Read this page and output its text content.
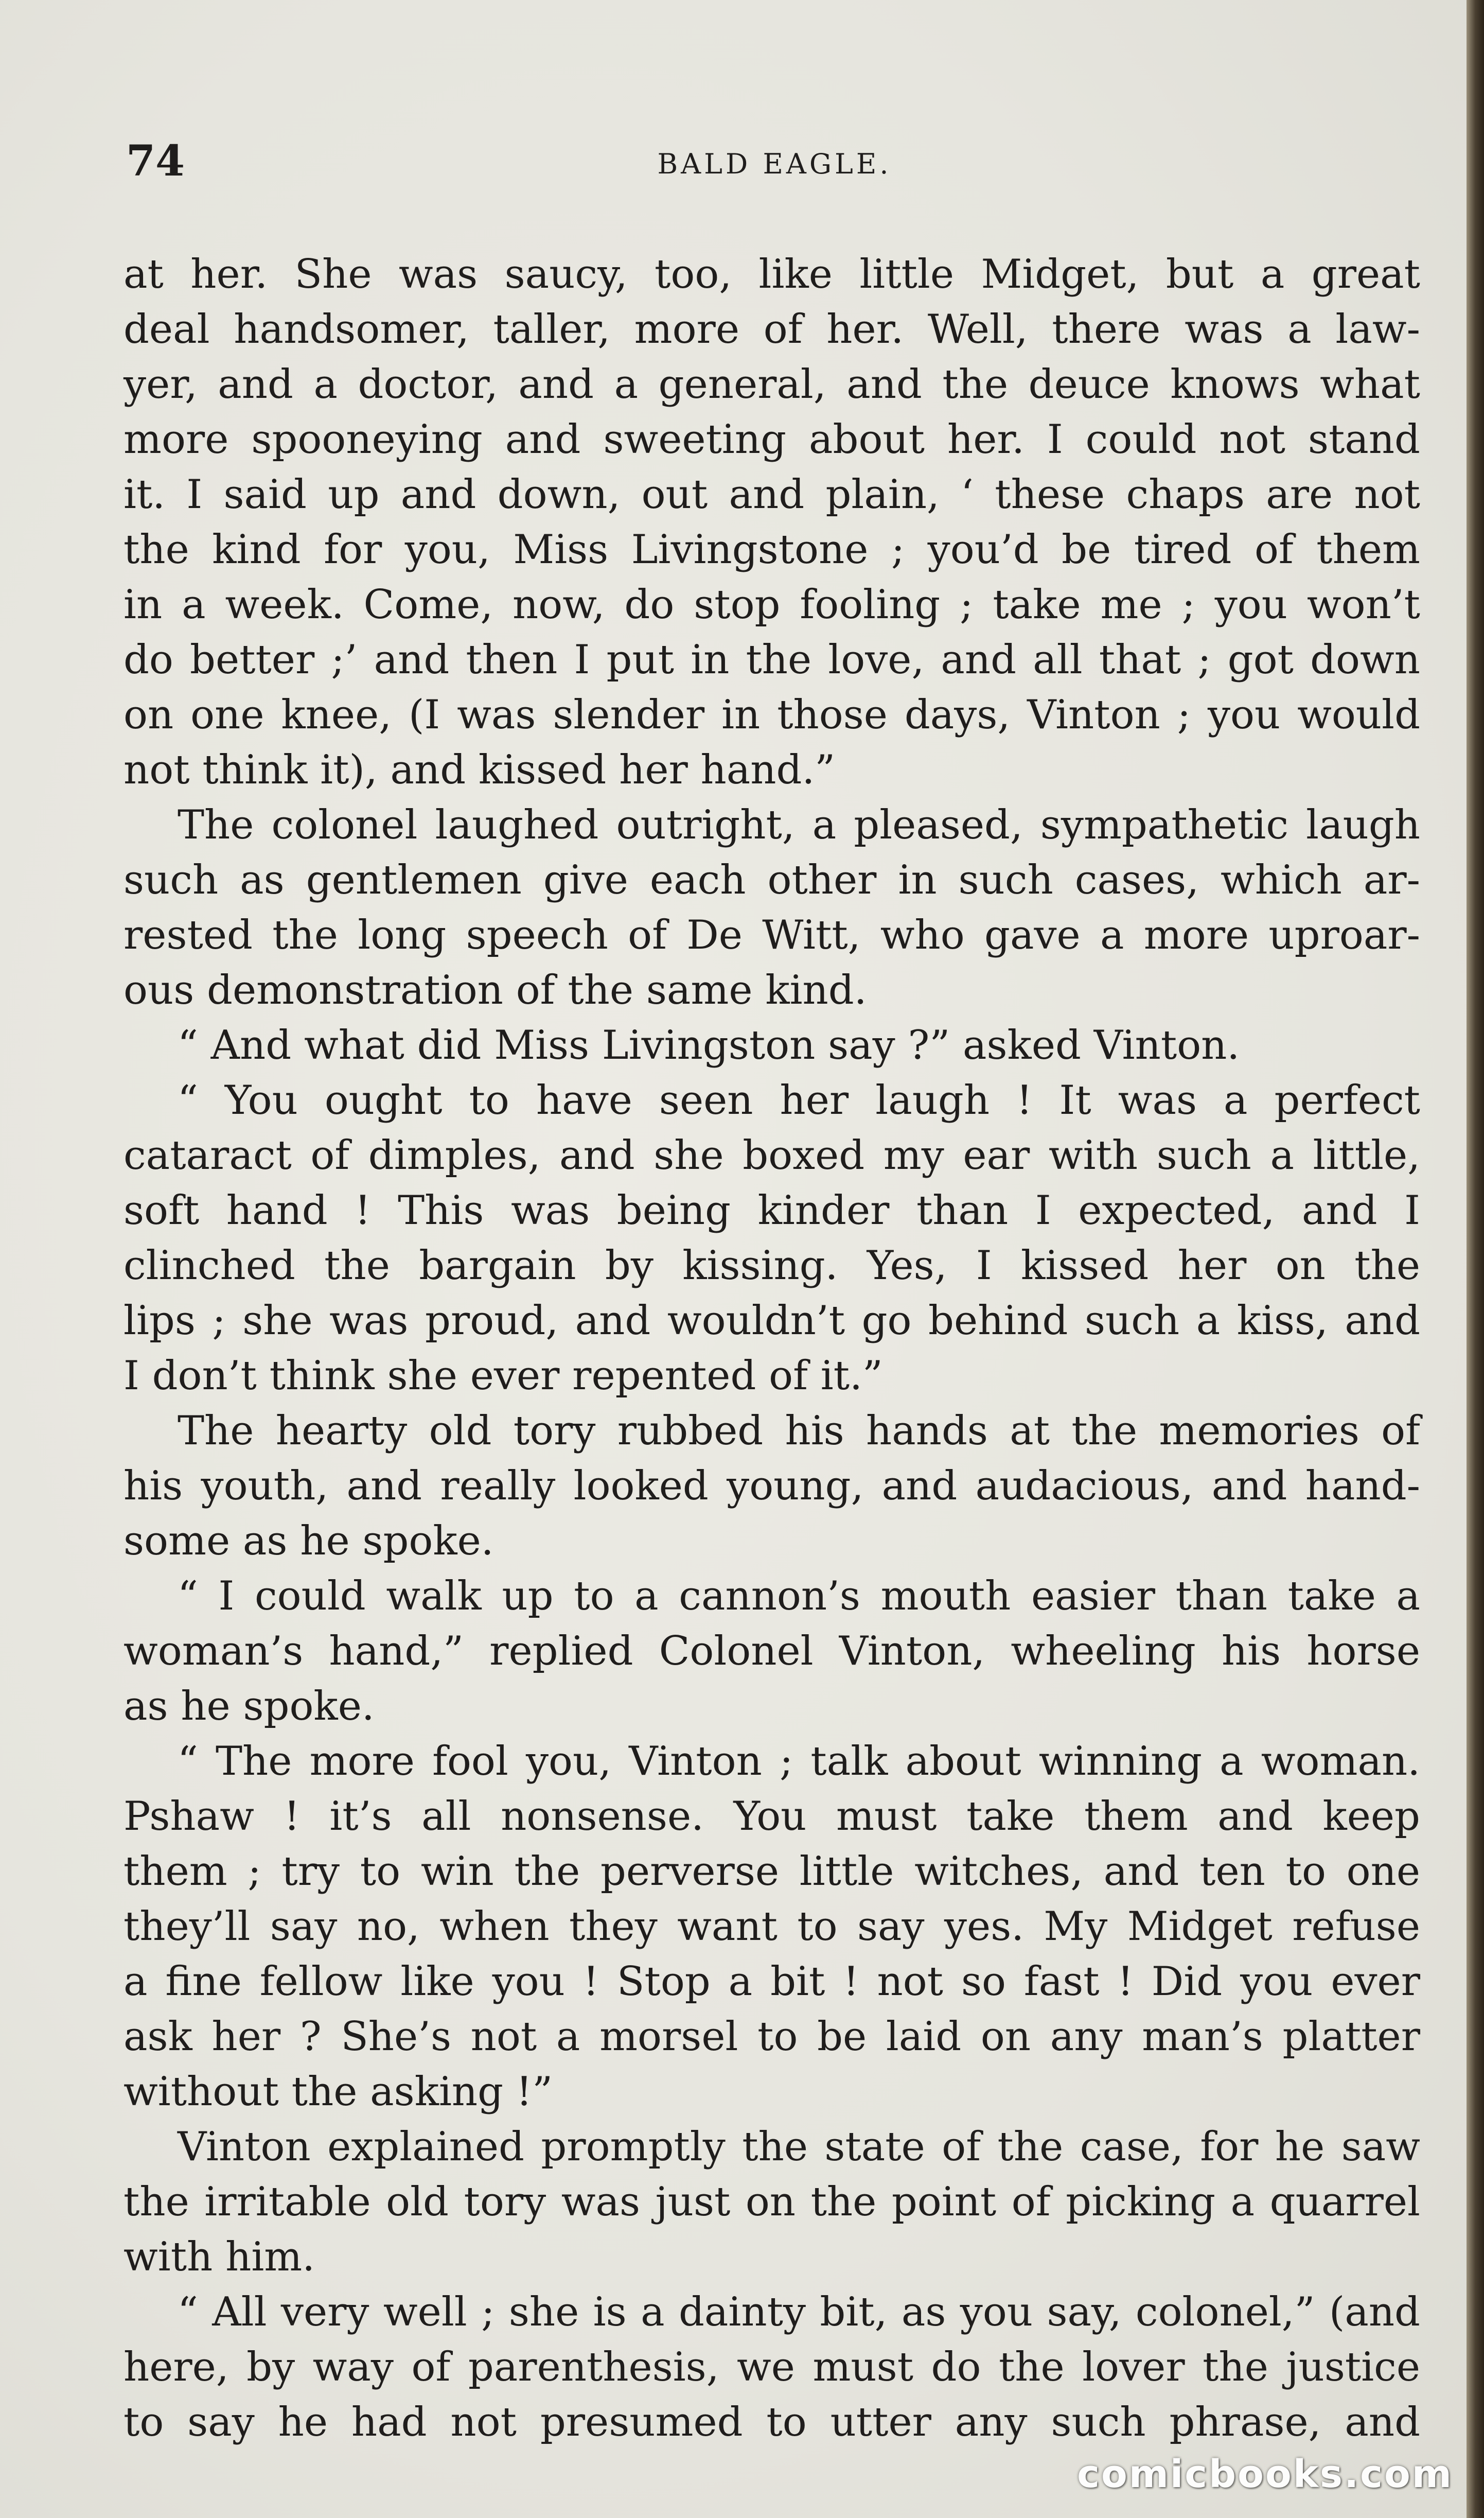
74	BALD EAGLE.
at her. She was saucy, too, like little Midget, but a great
deal handsomer, taller, more of her. Well, there was a law-
yer, and a doctor, and a general, and the deuce knows what
more spooneying and sweeting about her. I could not stand
it. I said up and down, out and plain, ‘ these chaps are not
the kind for you, Miss Livingstone ; you’d be tired of them
in a week. Come, now, do stop fooling ; take me ; you won’t
do better ;’ and then I put in the love, and all that ; got down
on one knee, (I was slender in those days, Vinton ; you would
not think it), and kissed her hand.”
The colonel laughed outright, a pleased, sympathetic laugh
such as gentlemen give each other in such cases, which ar-
rested the long speech of De Witt, who gave a more uproar-
ous demonstration of the same kind.
“ And what did Miss Livingston say ?” asked Vinton.
“ You ought to have seen her laugh ! It was a perfect
cataract of dimples, and she boxed my ear with such a little,
soft hand ! This was being kinder than I expected, and I
clinched the bargain by kissing. Yes, I kissed her on the
lips ; she was proud, and wouldn’t go behind such a kiss, and
I don’t think she ever repented of it.”
The hearty old tory rubbed his hands at the memories of
his youth, and really looked young, and audacious, and hand-
some as he spoke.
“ I could walk up to a cannon’s mouth easier than take a
woman’s hand,” replied Colonel Vinton, wheeling his horse
as he spoke.
“ The more fool you, Vinton ; talk about winning a woman.
Pshaw ! it’s all nonsense. You must take them and keep
them ; try to win the perverse little witches, and ten to one
they’ll say no, when they want to say yes. My Midget refuse
a fine fellow like you ! Stop a bit ! not so fast ! Did you ever
ask her ? She’s not a morsel to be laid on any man’s platter
without the asking !”
Vinton explained promptly the state of the case, for he saw
the irritable old tory was just on the point of picking a quarrel
with him.
“ All very well ; she is a dainty bit, as you say, colonel,” (and
here, by way of parenthesis, we must do the lover the justice
to say he had not presumed to utter any such phrase, and
comicbooks.com
